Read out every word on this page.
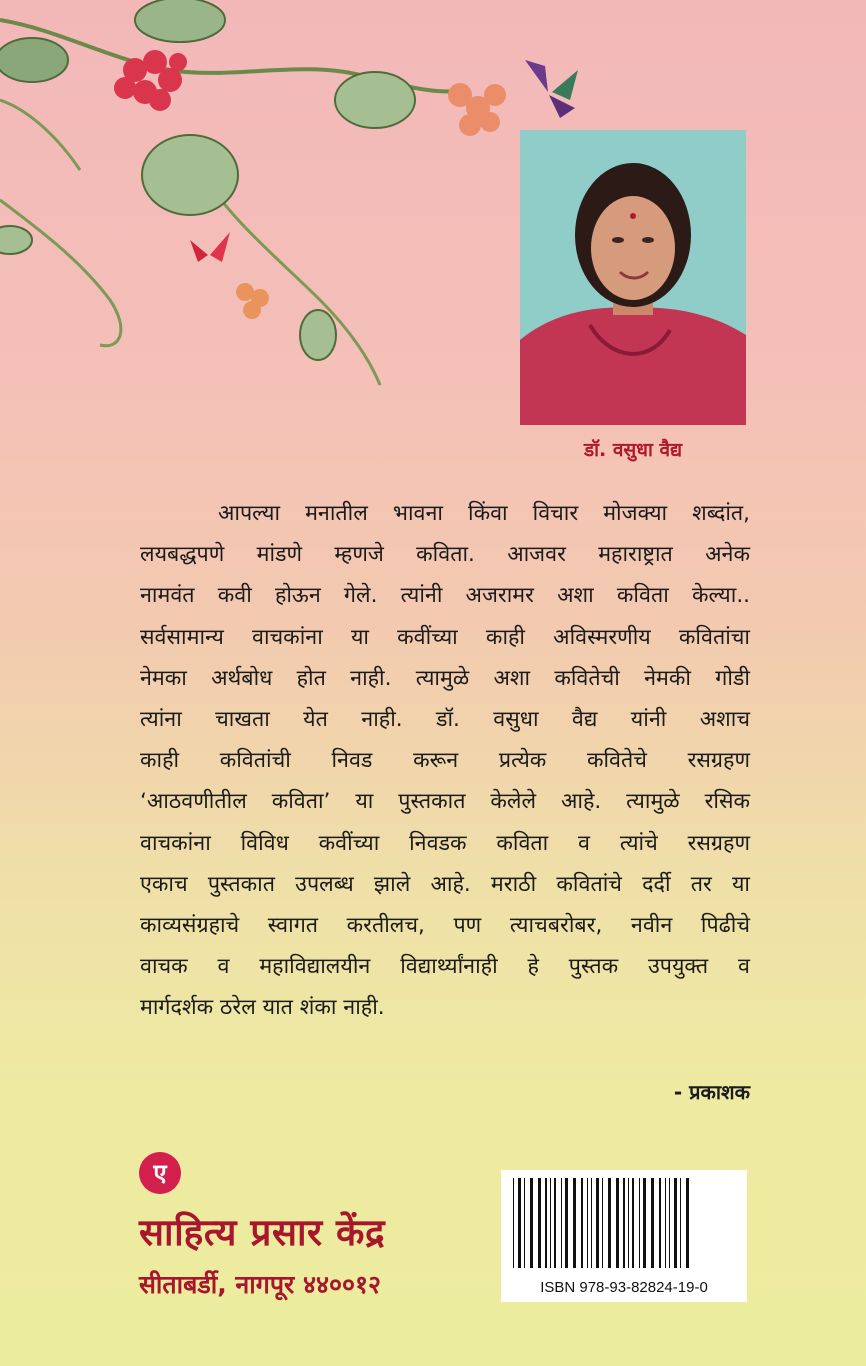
डॉ. वसुधा वैद्य
आपल्या मनातील भावना किंवा विचार मोजक्या शब्दांत,
लयबद्धपणे मांडणे म्हणजे कविता. आजवर महाराष्ट्रात अनेक
नामवंत कवी होऊन गेले. त्यांनी अजरामर अशा कविता केल्या..
सर्वसामान्य वाचकांना या कवींच्या काही अविस्मरणीय कवितांचा
नेमका अर्थबोध होत नाही. त्यामुळे अशा कवितेची नेमकी गोडी
त्यांना चाखता येत नाही. डॉ. वसुधा वैद्य यांनी अशाच
काही कवितांची निवड करून प्रत्येक कवितेचे रसग्रहण
‘आठवणीतील कविता’ या पुस्तकात केलेले आहे. त्यामुळे रसिक
वाचकांना विविध कवींच्या निवडक कविता व त्यांचे रसग्रहण
एकाच पुस्तकात उपलब्ध झाले आहे. मराठी कवितांचे दर्दी तर या
काव्यसंग्रहाचे स्वागत करतीलच, पण त्याचबरोबर, नवीन पिढीचे
वाचक व महाविद्यालयीन विद्यार्थ्यांनाही हे पुस्तक उपयुक्त व
मार्गदर्शक ठरेल यात शंका नाही.
- प्रकाशक
ए
साहित्य प्रसार केंद्र
सीताबर्डी, नागपूर ४४००१२	ISBN 978-93-82824-19-0
